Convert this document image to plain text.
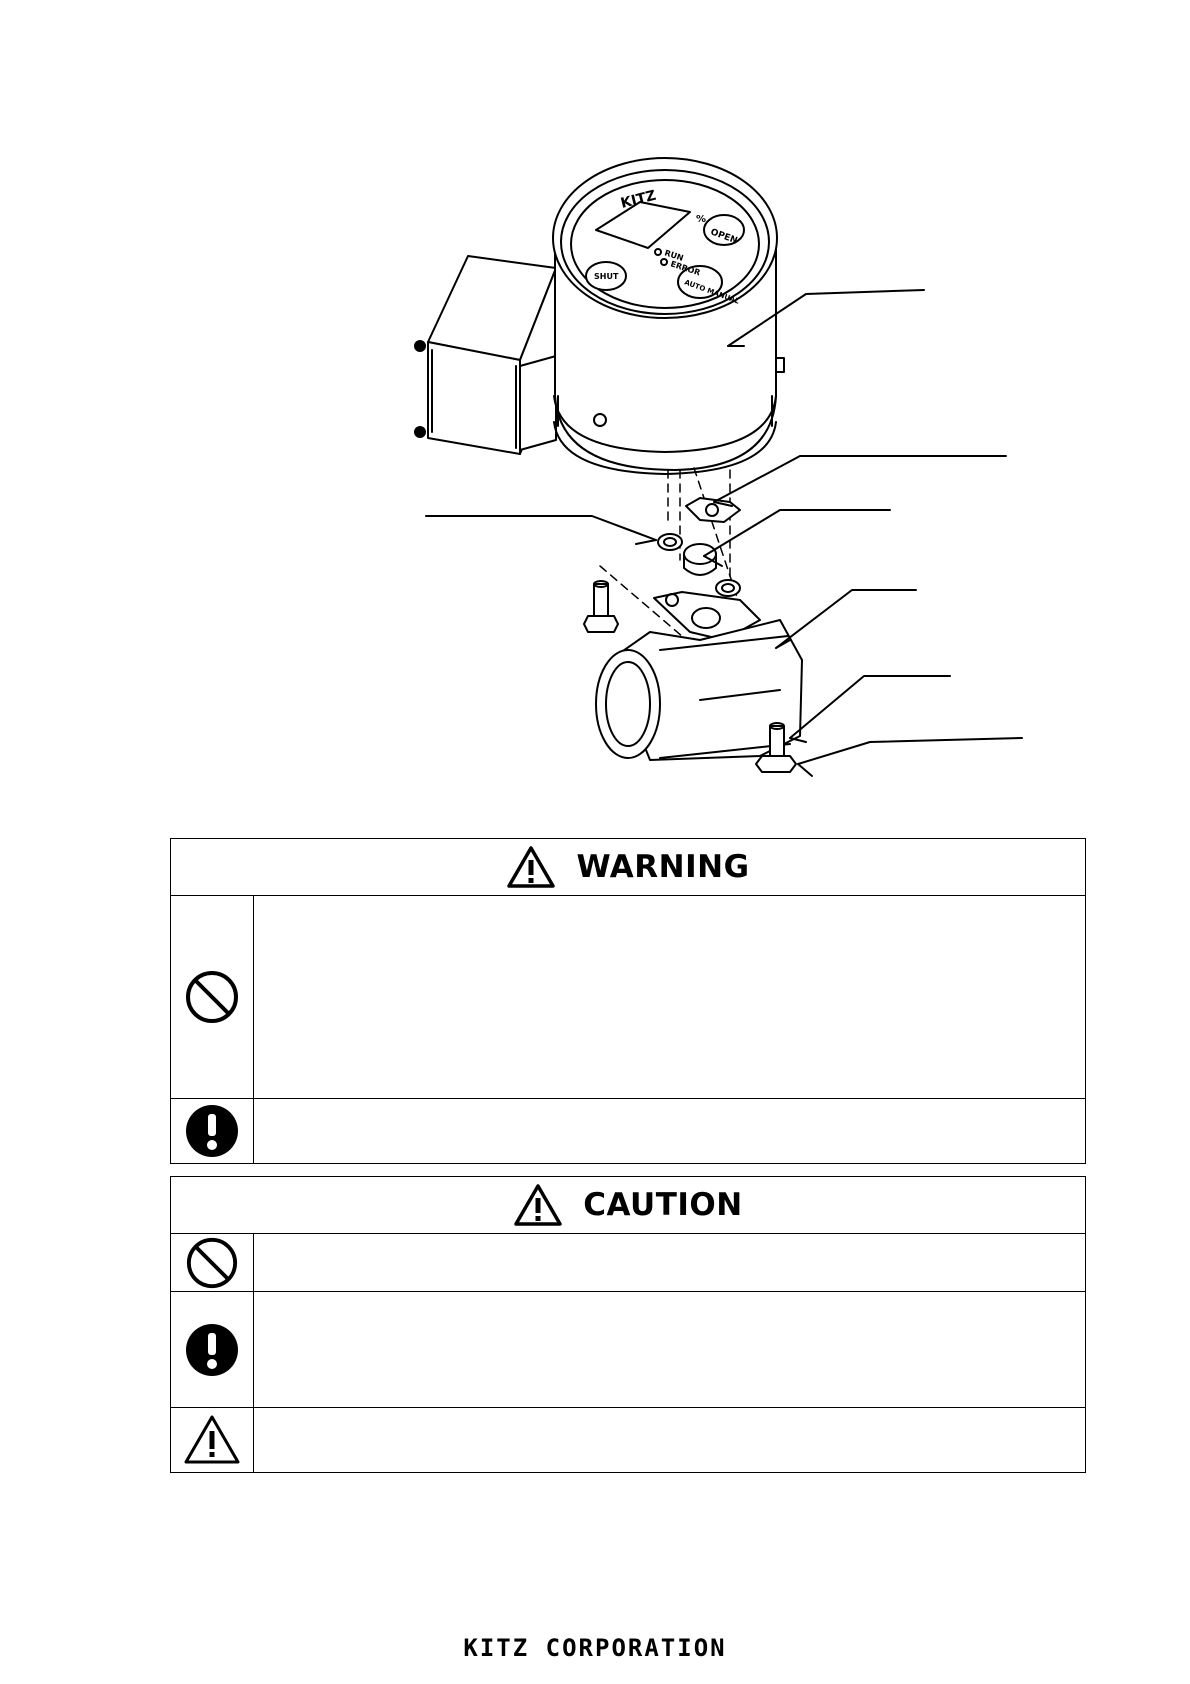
KITZ
%
OPEN
SHUT
AUTO MANUAL
RUN
ERROR
WARNING
CAUTION
KITZ CORPORATION
